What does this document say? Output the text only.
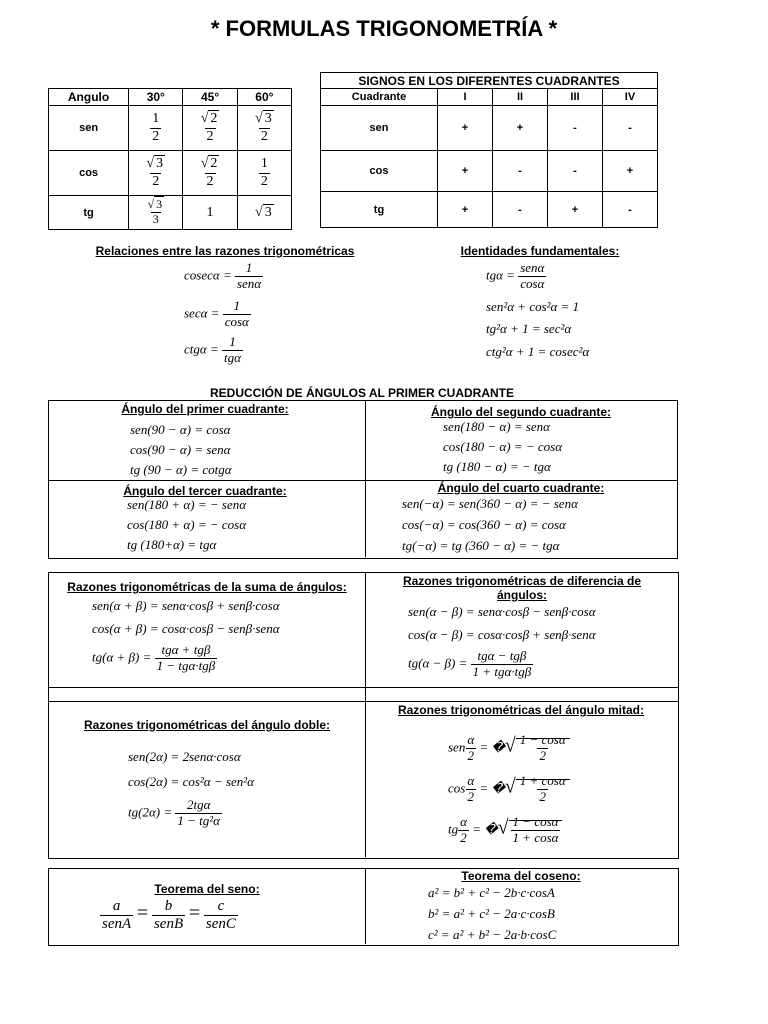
* FORMULAS TRIGONOMETRÍA *
Angulo	30°	45°	60°
sen	$\frac{1}{2}$	$\frac{√ 2}{2}$	$\frac{√ 3}{2}$

cos	$\frac{√ 3}{2}$	$\frac{√ 2}{2}$	$\frac{1}{2}$

tg	$\frac{√ 3}{3}$	1	√ 3
SIGNOS EN LOS DIFERENTES CUADRANTES				
Cuadrante	I	II	III	IV
sen	+	+	-	-
cos	+	-	-	+
tg	+	-	+	-
Relaciones entre las razones trigonométricas
$cosec\alpha = \frac{1}{\text{senα}}$
$\sec\alpha = \frac{1}{\cos\alpha}$
$ctg\alpha = \frac{1}{\text{tgα}}$
Identidades fundamentales:
$tg\alpha = \frac{\text{senα}}{\cos\alpha}$
sen²α + cos²α = 1
tg²α + 1 = sec²α
ctg²α + 1 = cosec²α
REDUCCIÓN DE ÁNGULOS AL PRIMER CUADRANTE
Ángulo del primer cuadrante:
sen(90 − α) = cosα
cos(90 − α) = senα
tg (90 − α) = cotgα
Ángulo del segundo cuadrante:
sen(180 − α) = senα
cos(180 − α) = − cosα
tg (180 − α) = − tgα
Ángulo del tercer cuadrante:
sen(180 + α) = − senα
cos(180 + α) = − cosα
tg (180+α) = tgα
Ángulo del cuarto cuadrante:
sen(−α) = sen(360 − α) = − senα
cos(−α) = cos(360 − α) = cosα
tg(−α) = tg (360 − α) = − tgα
Razones trigonométricas de la suma de ángulos:
sen(α + β) = senα·cosβ + senβ·cosα
cos(α + β) = cosα·cosβ − senβ·senα
$tg(\alpha + \beta) = \frac{\text{tgα + tgβ}}{\text{1 − tgα·tgβ}}$
Razones trigonométricas de diferencia de ángulos:
sen(α − β) = senα·cosβ − senβ·cosα
cos(α − β) = cosα·cosβ + senβ·senα
$tg(\alpha - \beta) = \frac{\text{tgα − tgβ}}{\text{1 + tgα·tgβ}}$
Razones trigonométricas del ángulo doble:
sen(2α) = 2senα·cosα
cos(2α) = cos²α − sen²α
$tg(2\alpha) = \frac{\text{2tgα}}{\text{1 − tg²α}}$
Razones trigonométricas del ángulo mitad:
sen $\frac{\alpha}{2}$ = �√ $\frac{1 - \cos\alpha}{2}$
$\cos \frac{\alpha}{2}$ = �√ $\frac{1 + \cos\alpha}{2}$
tg $\frac{\alpha}{2}$ = �√ $\frac{1 - \cos\alpha}{1 + \cos\alpha}$
Teorema del seno:
$\frac{a}{\text{senA}} = \frac{b}{\text{senB}} = \frac{c}{\text{senC}}$
Teorema del coseno:
a² = b² + c² − 2b·c·cosA
b² = a² + c² − 2a·c·cosB
c² = a² + b² − 2a·b·cosC
